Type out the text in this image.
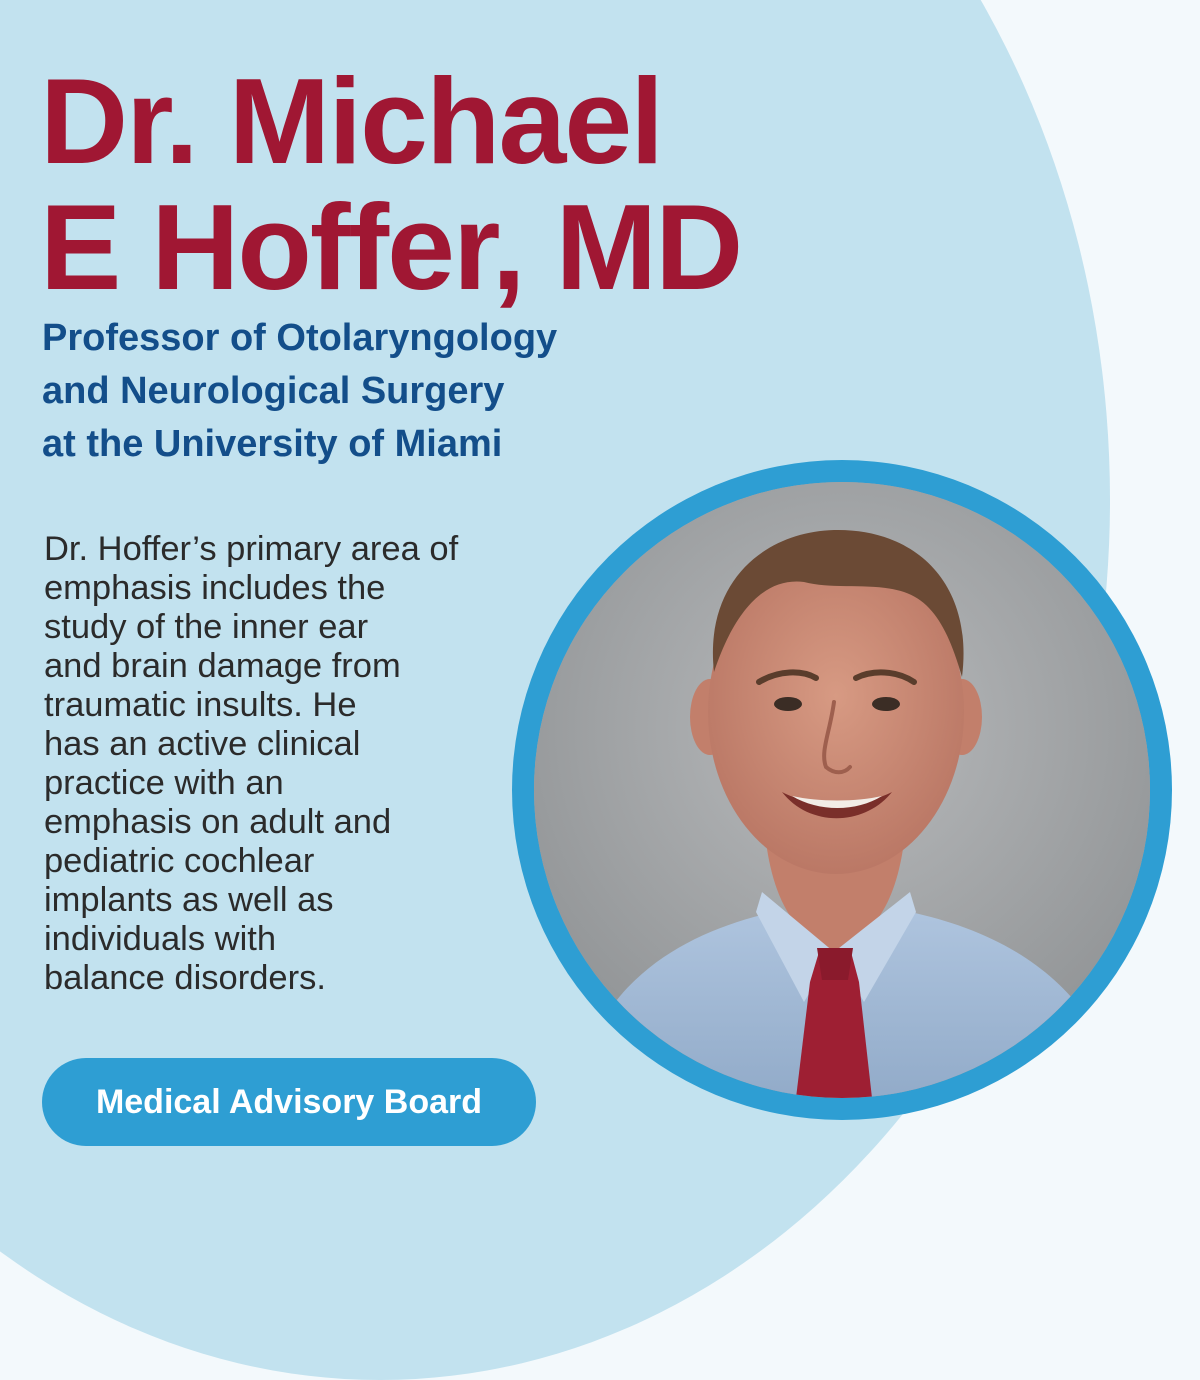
Dr. Michael
E Hoffer, MD
Professor of Otolaryngology
and Neurological Surgery
at the University of Miami
Dr. Hoffer’s primary area of
emphasis includes the
study of the inner ear
and brain damage from
traumatic insults. He
has an active clinical
practice with an
emphasis on adult and
pediatric cochlear
implants as well as
individuals with
balance disorders.
Medical Advisory Board
